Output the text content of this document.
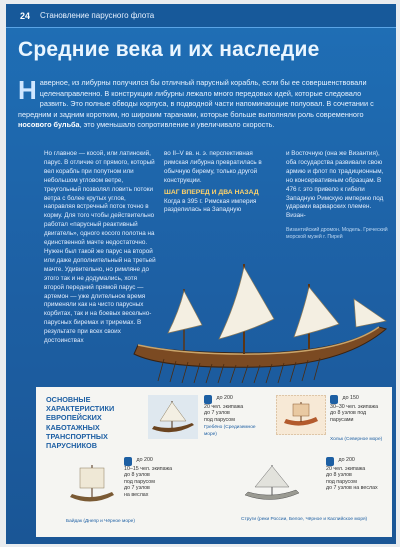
24 Становление парусного флота
Средние века и их наследие
Наверное, из либурны получился бы отличный парусный корабль, если бы ее совершенствовали целенаправленно. В конструкции либурны лежало много передовых идей, которые следовало развить. Это полные обводы корпуса, в подводной части напоминающие полуовал. В сочетании с передним и задним коротким, но широким таранами, которые больше выполняли роль современного носового бульба, это уменьшало сопротивление и увеличивало скорость.
Но главное — косой, или латинский, парус. В отличие от прямого, который вел корабль при попутном или небольшом угловом ветре, треугольный позволял ловить потоки ветра с более крутых углов, направляя встречный поток точно в корму. Для того чтобы действительно работал «парусный реактивный двигатель», одного косого полотна на единственной мачте недостаточно. Нужен был такой же парус на второй или даже дополнительный на третьей мачте. Удивительно, но римляне до этого так и не додумались, хотя второй передний прямой парус — артемон — уже длительное время применяли как на чисто парусных корбитах, так и на боевых весельно-парусных биремах и триремах. В результате при всех своих достоинствах
во II–V вв. н. э. перспективная римская либурна превратилась в обычную бирему, только другой конструкции.
ШАГ ВПЕРЕД И ДВА НАЗАД
Когда в 395 г. Римская империя разделилась на Западную
и Восточную (она же Византия), оба государства развивали свою армию и флот по традиционным, но консервативным образцам. В 476 г. это привело к гибели Западную Римскую империю под ударами варварских племен. Визан-
Византийский дромон. Модель. Греческий морской музей г. Пирей
ОСНОВНЫЕ ХАРАКТЕРИСТИКИ ЕВРОПЕЙСКИХ КАБОТАЖНЫХ ТРАНСПОРТНЫХ ПАРУСНИКОВ
до 200
20 чел. экипажа
до 7 узлов
под парусом
Гребёно (Средиземное море)
до 150
30–30 чел. экипажа
до 8 узлов под парусами
Хольк (Северное море)
до 200
10–15 чел. экипажа
до 8 узлов
под парусом
до 7 узлов
на веслах
Байдак (Днепр и Чёрное море)
до 200
20 чел. экипажа
до 8 узлов
под парусом
до 7 узлов на веслах
Струги (реки России, Белое, Чёрное и Каспийское моря)
